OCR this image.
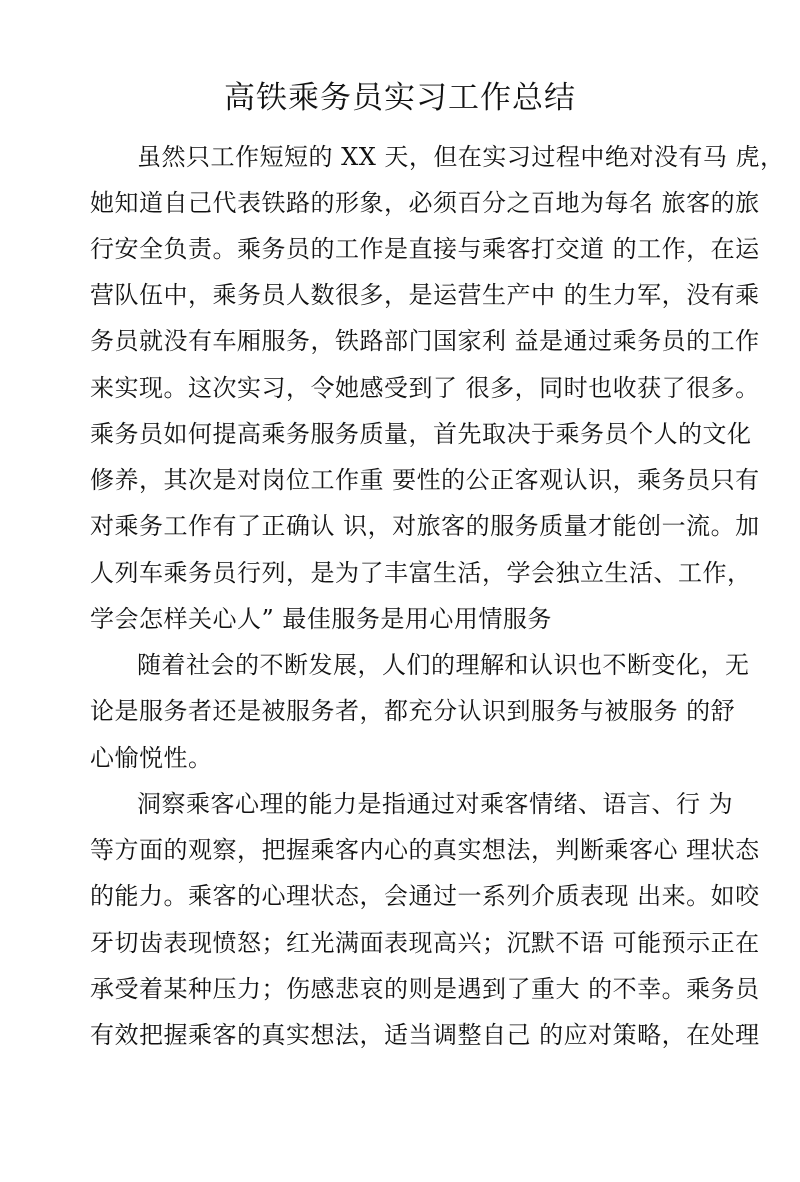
高铁乘务员实习工作总结

虽然只工作短短的 XX 天，但在实习过程中绝对没有马 虎，

她知道自己代表铁路的形象，必须百分之百地为每名 旅客的旅

行安全负责。乘务员的工作是直接与乘客打交道 的工作，在运

营队伍中，乘务员人数很多，是运营生产中 的生力军，没有乘

务员就没有车厢服务，铁路部门国家利 益是通过乘务员的工作

来实现。这次实习，令她感受到了 很多，同时也收获了很多。

乘务员如何提高乘务服务质量，首先取决于乘务员个人的文化

修养，其次是对岗位工作重 要性的公正客观认识，乘务员只有

对乘务工作有了正确认 识，对旅客的服务质量才能创一流。加

人列车乘务员行列，是为了丰富生活，学会独立生活、工作，

学会怎样关心人” 最佳服务是用心用情服务

随着社会的不断发展，人们的理解和认识也不断变化，无

论是服务者还是被服务者，都充分认识到服务与被服务 的舒

心愉悦性。

洞察乘客心理的能力是指通过对乘客情绪、语言、行 为

等方面的观察，把握乘客内心的真实想法，判断乘客心 理状态

的能力。乘客的心理状态，会通过一系列介质表现 出来。如咬

牙切齿表现愤怒；红光满面表现高兴；沉默不语 可能预示正在

承受着某种压力；伤感悲哀的则是遇到了重大 的不幸。乘务员

有效把握乘客的真实想法，适当调整自己 的应对策略，在处理
